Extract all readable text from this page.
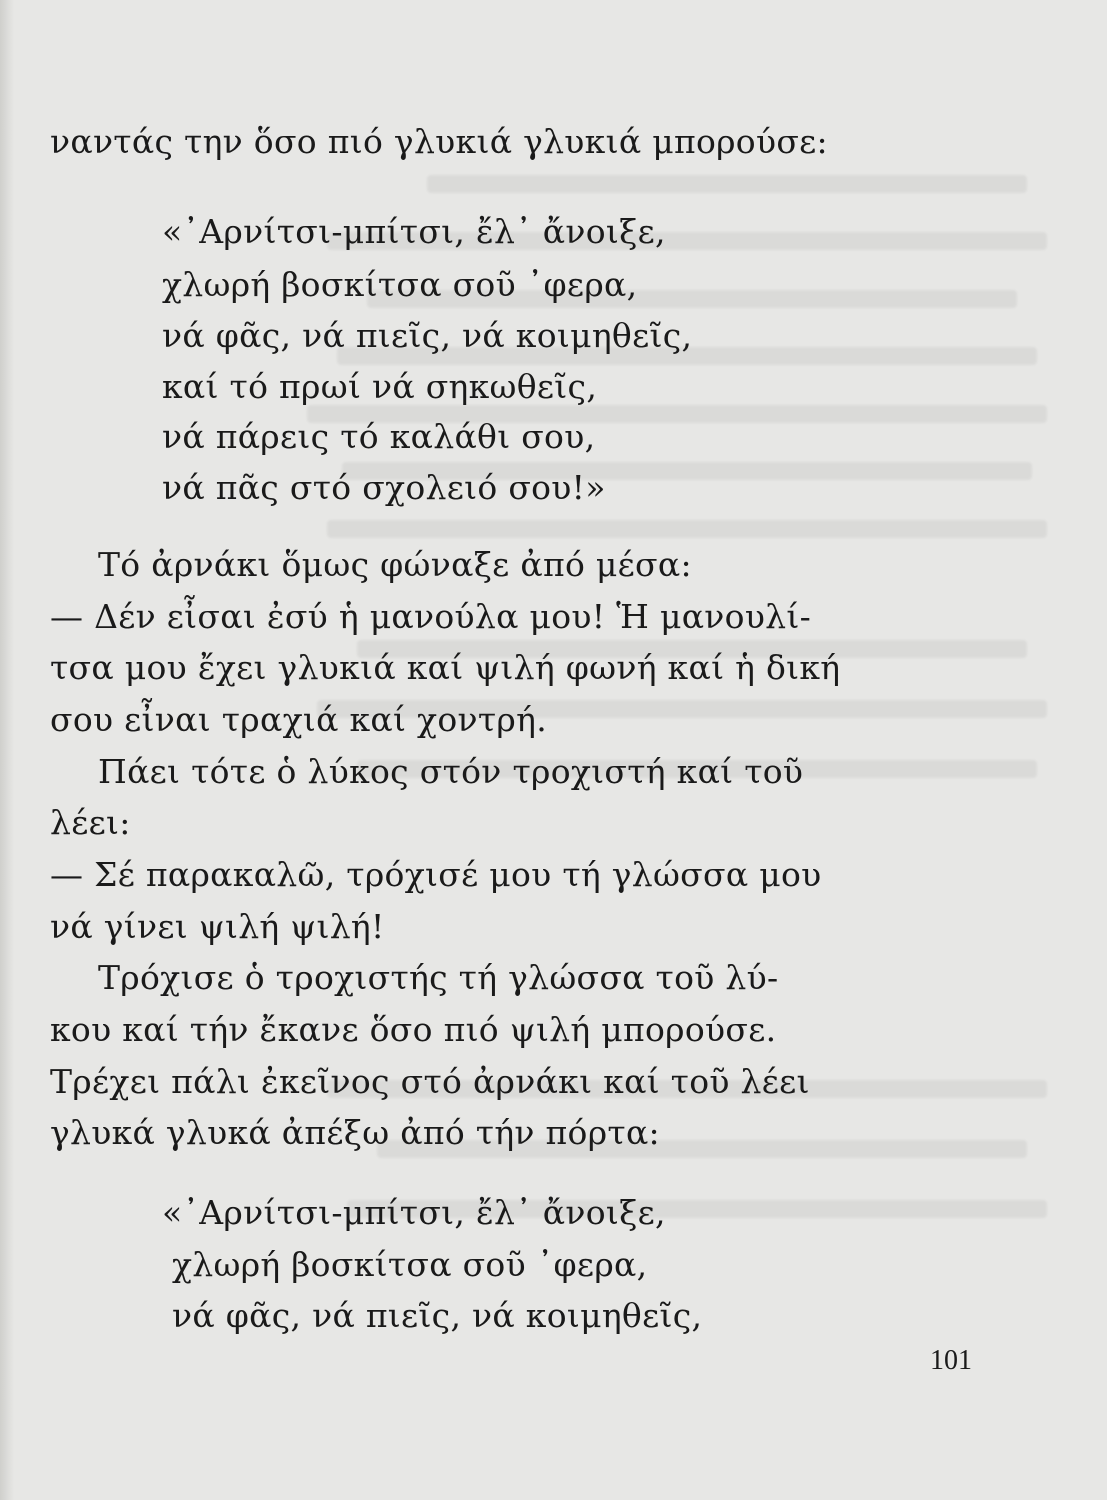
ναντάς την ὅσο πιό γλυκιά γλυκιά μπορούσε:
«᾿Αρνίτσι-μπίτσι, ἔλ᾿ ἄνοιξε,
χλωρή βοσκίτσα σοῦ ᾿φερα,
νά φᾶς, νά πιεῖς, νά κοιμηθεῖς,
καί τό πρωί νά σηκωθεῖς,
νά πάρεις τό καλάθι σου,
νά πᾶς στό σχολειό σου!»
Τό ἀρνάκι ὅμως φώναξε ἀπό μέσα:
— Δέν εἶσαι ἐσύ ἡ μανούλα μου! Ἡ μανουλί-
τσα μου ἔχει γλυκιά καί ψιλή φωνή καί ἡ δική
σου εἶναι τραχιά καί χοντρή.
Πάει τότε ὁ λύκος στόν τροχιστή καί τοῦ
λέει:
— Σέ παρακαλῶ, τρόχισέ μου τή γλώσσα μου
νά γίνει ψιλή ψιλή!
Τρόχισε ὁ τροχιστής τή γλώσσα τοῦ λύ-
κου καί τήν ἔκανε ὅσο πιό ψιλή μπορούσε.
Τρέχει πάλι ἐκεῖνος στό ἀρνάκι καί τοῦ λέει
γλυκά γλυκά ἀπέξω ἀπό τήν πόρτα:
«᾿Αρνίτσι-μπίτσι, ἔλ᾿ ἄνοιξε,
χλωρή βοσκίτσα σοῦ ᾿φερα,
νά φᾶς, νά πιεῖς, νά κοιμηθεῖς,
101
